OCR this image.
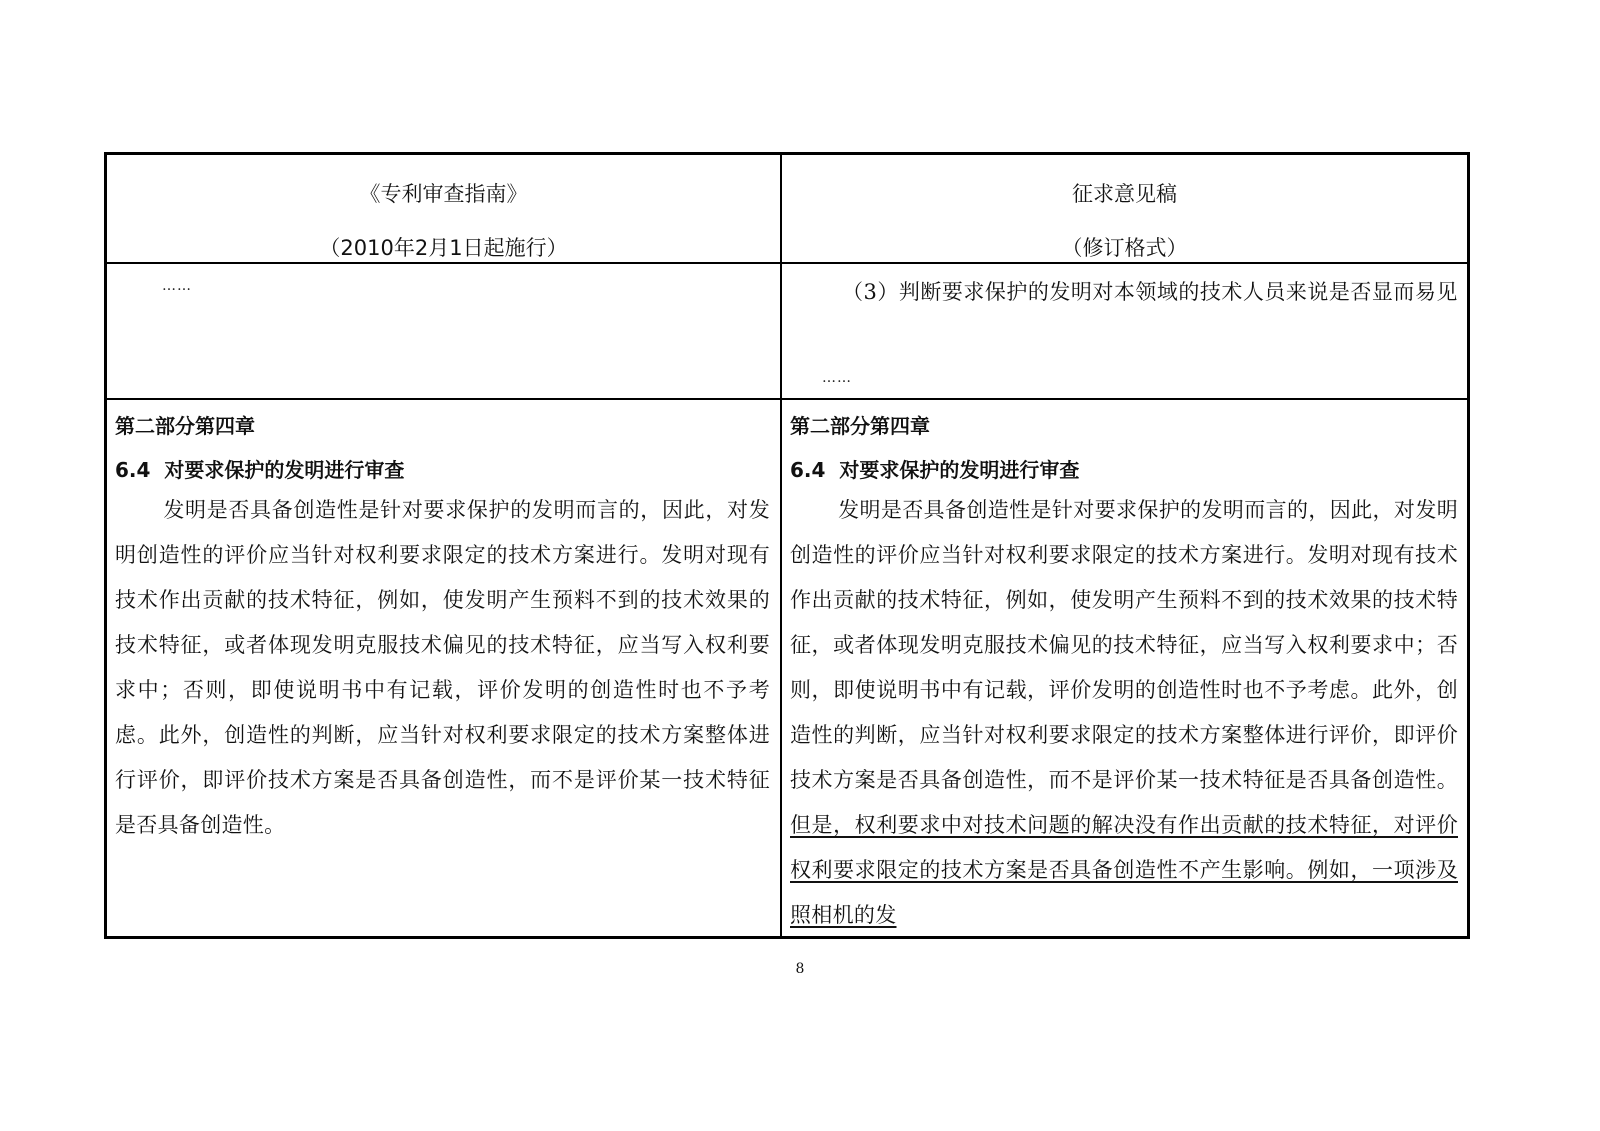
《专利审查指南》
（2010年2月1日起施行）
征求意见稿
（修订格式）
……	（3）判断要求保护的发明对本领域的技术人员来说是否显而易见
……
第二部分第四章
6.4  对要求保护的发明进行审查
发明是否具备创造性是针对要求保护的发明而言的，因此，对发明创造性的评价应当针对权利要求限定的技术方案进行。发明对现有技术作出贡献的技术特征，例如，使发明产生预料不到的技术效果的技术特征，或者体现发明克服技术偏见的技术特征，应当写入权利要求中；否则，即使说明书中有记载，评价发明的创造性时也不予考虑。此外，创造性的判断，应当针对权利要求限定的技术方案整体进行评价，即评价技术方案是否具备创造性，而不是评价某一技术特征是否具备创造性。
第二部分第四章
6.4  对要求保护的发明进行审查
发明是否具备创造性是针对要求保护的发明而言的，因此，对发明创造性的评价应当针对权利要求限定的技术方案进行。发明对现有技术作出贡献的技术特征，例如，使发明产生预料不到的技术效果的技术特征，或者体现发明克服技术偏见的技术特征，应当写入权利要求中；否则，即使说明书中有记载，评价发明的创造性时也不予考虑。此外，创造性的判断，应当针对权利要求限定的技术方案整体进行评价，即评价技术方案是否具备创造性，而不是评价某一技术特征是否具备创造性。但是，权利要求中对技术问题的解决没有作出贡献的技术特征，对评价权利要求限定的技术方案是否具备创造性不产生影响。例如，一项涉及照相机的发
8
